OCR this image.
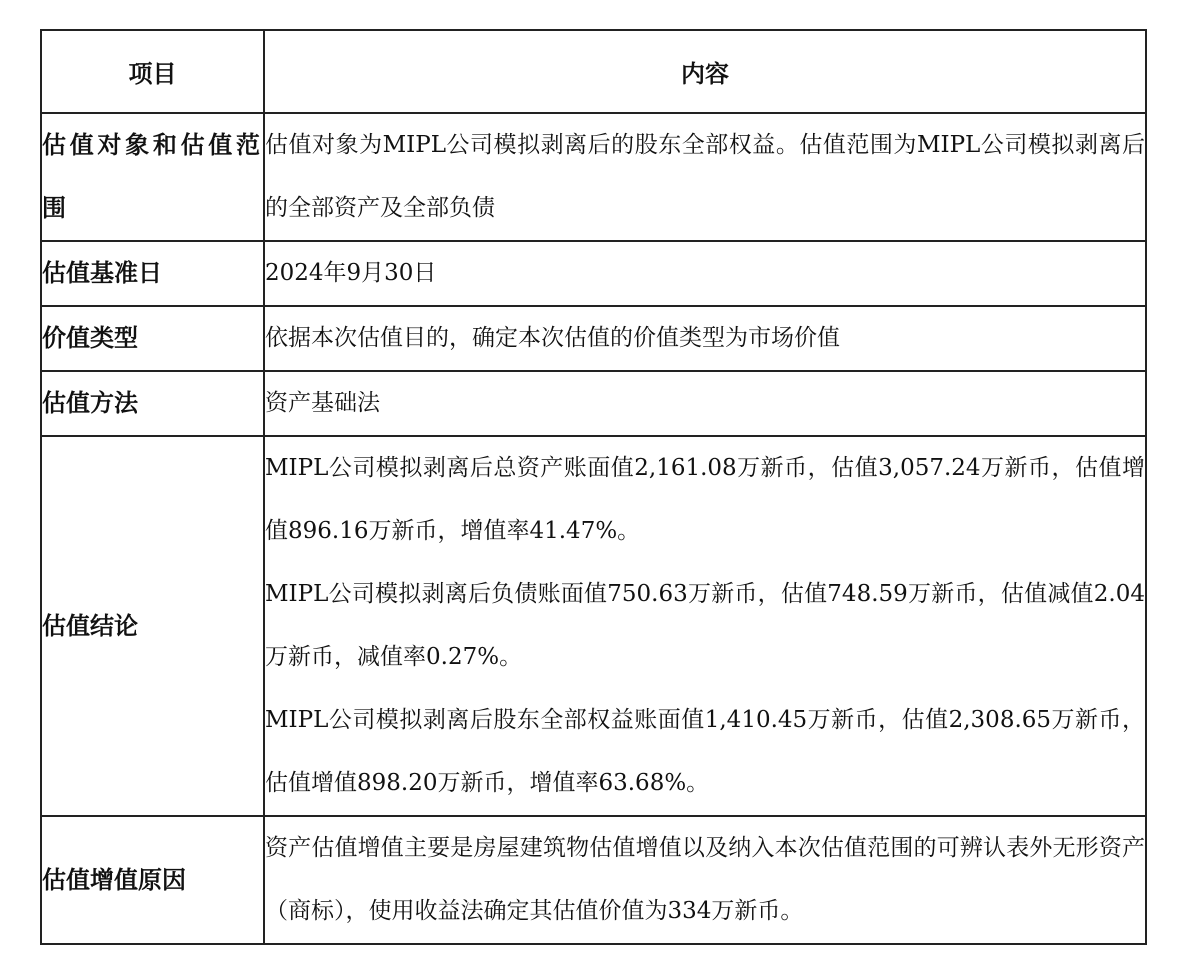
项目	内容
估值对象和估值范围	估值对象为MIPL公司模拟剥离后的股东全部权益。估值范围为MIPL公司模拟剥离后的全部资产及全部负债
估值基准日	2024年9月30日
价值类型	依据本次估值目的，确定本次估值的价值类型为市场价值
估值方法	资产基础法
估值结论	MIPL公司模拟剥离后总资产账面值2,161.08万新币，估值3,057.24万新币，估值增值896.16万新币，增值率41.47%。

MIPL公司模拟剥离后负债账面值750.63万新币，估值748.59万新币，估值减值2.04万新币，减值率0.27%。

MIPL公司模拟剥离后股东全部权益账面值1,410.45万新币，估值2,308.65万新币，估值增值898.20万新币，增值率63.68%。

估值增值原因	资产估值增值主要是房屋建筑物估值增值以及纳入本次估值范围的可辨认表外无形资产（商标），使用收益法确定其估值价值为334万新币。
